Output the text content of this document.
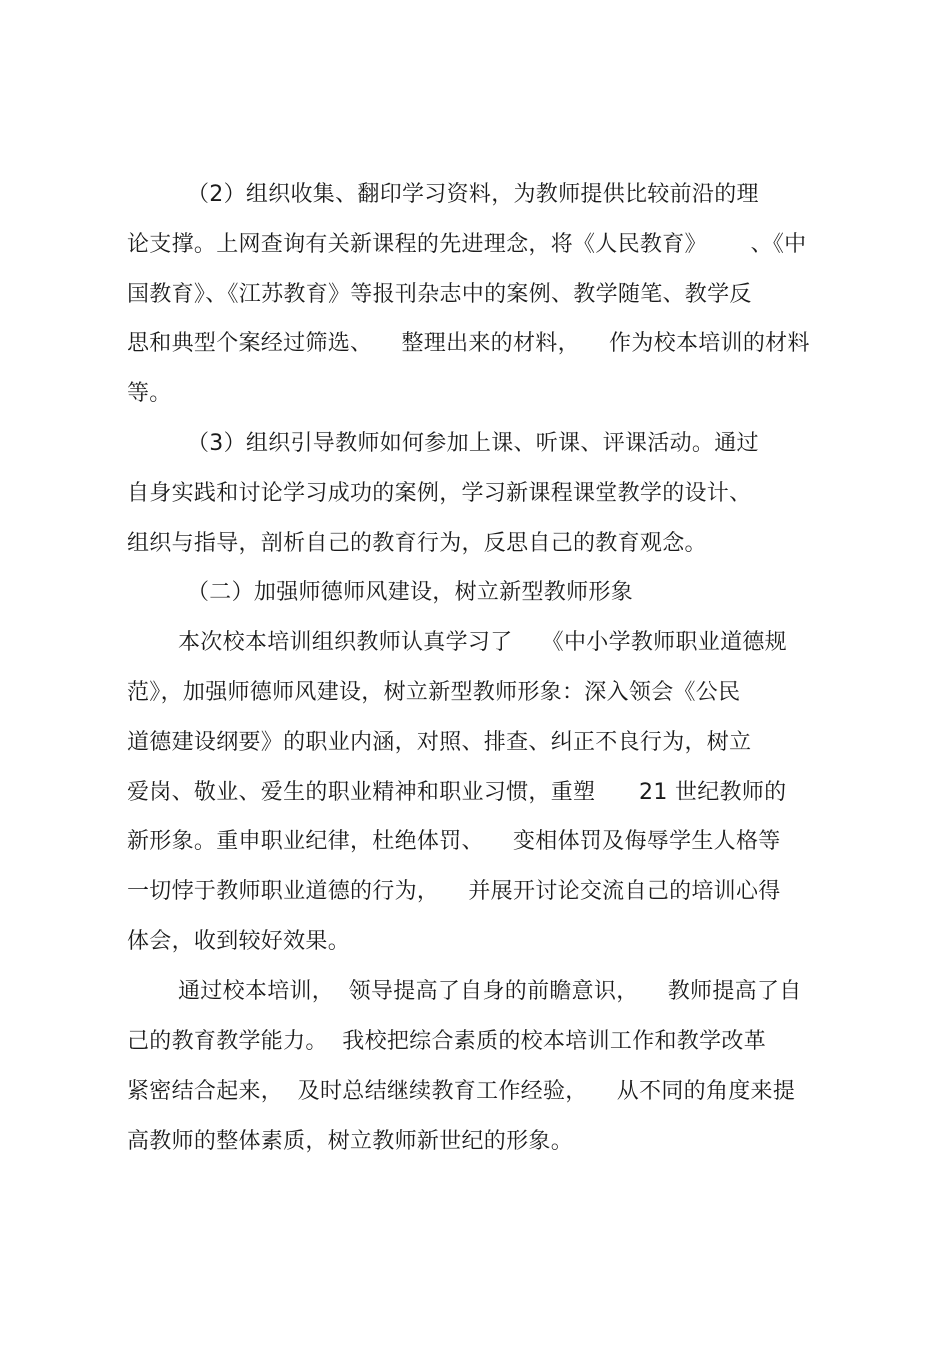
（2）组织收集、翻印学习资料，为教师提供比较前沿的理
论支撑。上网查询有关新课程的先进理念，将《人民教育》      、《中
国教育》、《江苏教育》等报刊杂志中的案例、教学随笔、教学反
思和典型个案经过筛选、    整理出来的材料，    作为校本培训的材料
等。
（3）组织引导教师如何参加上课、听课、评课活动。通过
自身实践和讨论学习成功的案例，学习新课程课堂教学的设计、
组织与指导，剖析自己的教育行为，反思自己的教育观念。
（二）加强师德师风建设，树立新型教师形象
本次校本培训组织教师认真学习了    《中小学教师职业道德规
范》，加强师德师风建设，树立新型教师形象：深入领会《公民
道德建设纲要》的职业内涵，对照、排查、纠正不良行为，树立
爱岗、敬业、爱生的职业精神和职业习惯，重塑      21 世纪教师的
新形象。重申职业纪律，杜绝体罚、    变相体罚及侮辱学生人格等
一切悖于教师职业道德的行为，    并展开讨论交流自己的培训心得
体会，收到较好效果。
通过校本培训，  领导提高了自身的前瞻意识，    教师提高了自
己的教育教学能力。  我校把综合素质的校本培训工作和教学改革
紧密结合起来，  及时总结继续教育工作经验，    从不同的角度来提
高教师的整体素质，树立教师新世纪的形象。
